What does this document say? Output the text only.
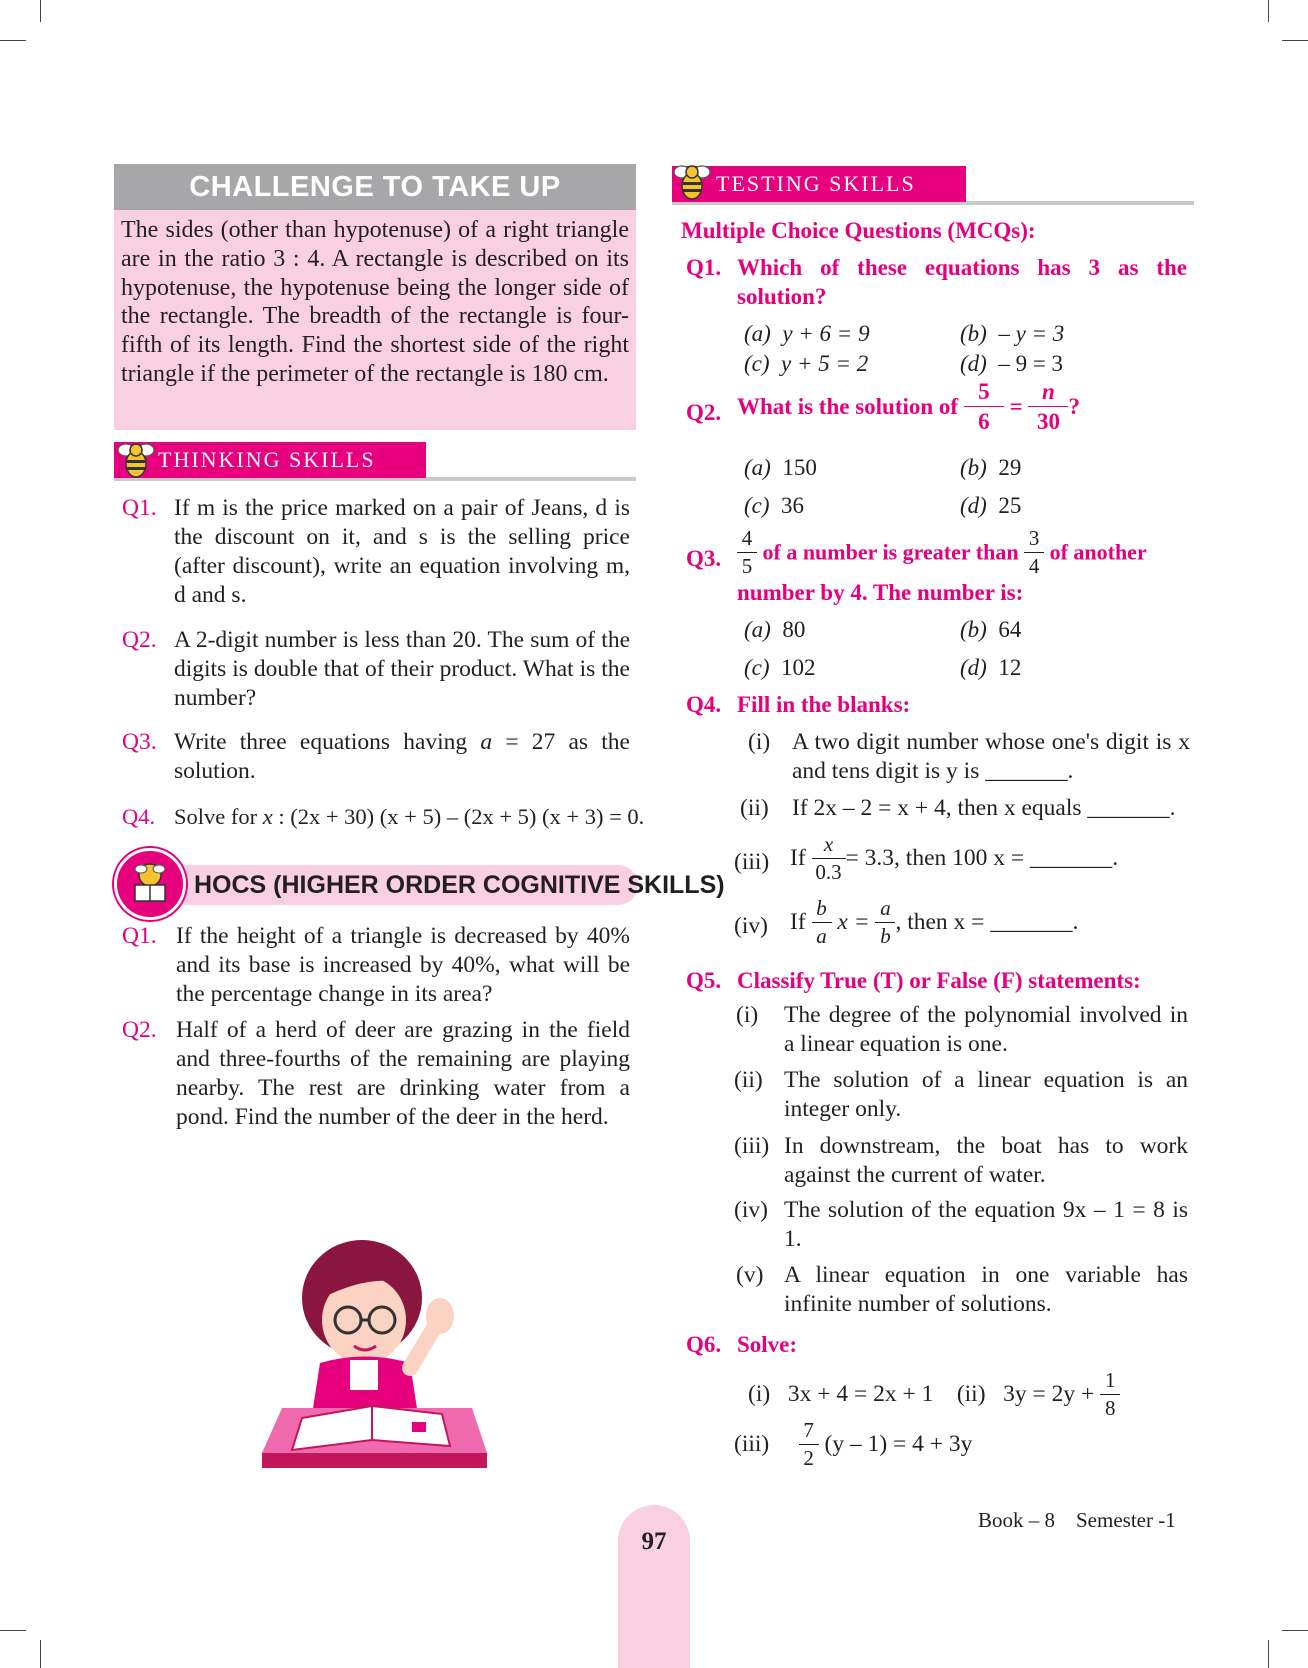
CHALLENGE TO TAKE UP
The sides (other than hypotenuse) of a right triangle are in the ratio 3 : 4. A rectangle is described on its hypotenuse, the hypotenuse being the longer side of the rectangle. The breadth of the rectangle is four-fifth of its length. Find the shortest side of the right triangle if the perimeter of the rectangle is 180 cm.
THINKING SKILLS
Q1. If m is the price marked on a pair of Jeans, d is the discount on it, and s is the selling price (after discount), write an equation involving m, d and s.
Q2. A 2-digit number is less than 20. The sum of the digits is double that of their product. What is the number?
Q3. Write three equations having a = 27 as the solution.
Q4. Solve for x : (2x + 30) (x + 5) – (2x + 5) (x + 3) = 0.
HOCS (HIGHER ORDER COGNITIVE SKILLS)
Q1. If the height of a triangle is decreased by 40% and its base is increased by 40%, what will be the percentage change in its area?
Q2. Half of a herd of deer are grazing in the field and three-fourths of the remaining are playing nearby. The rest are drinking water from a pond. Find the number of the deer in the herd.
TESTING SKILLS
Multiple Choice Questions (MCQs):
Q1. Which of these equations has 3 as the solution?
(a) y + 6 = 9	(b) – y = 3
(c) y + 5 = 2	(d) – 9 = 3
Q2. What is the solution of $\frac{5}{6} = \frac{n}{30}$ ?
(a) 150	(b) 29
(c) 36	(d) 25
Q3. $\frac{4}{5}$ of a number is greater than $\frac{3}{4}$ of another
number by 4. The number is:
(a) 80	(b) 64
(c) 102	(d) 12
Q4. Fill in the blanks:
(i) A two digit number whose one's digit is x and tens digit is y is _______.
(ii) If 2x – 2 = x + 4, then x equals _______.
(iii) If $\frac{x}{0.3} = 3.3$, then 100 x = _______.
(iv) If $\frac{b}{a}$ $x = \frac{a}{b}$ , then x = _______.
Q5. Classify True (T) or False (F) statements:
(i) The degree of the polynomial involved in a linear equation is one.
(ii) The solution of a linear equation is an integer only.
(iii) In downstream, the boat has to work against the current of water.
(iv) The solution of the equation 9x – 1 = 8 is 1.
(v) A linear equation in one variable has infinite number of solutions.
Q6. Solve:
(i) 3x + 4 = 2x + 1 (ii) $3y = 2y + \frac{1}{8}$
$(iii) \frac{7}{2} (y - 1) = 4 + 3y$
97
Book – 8    Semester -1
